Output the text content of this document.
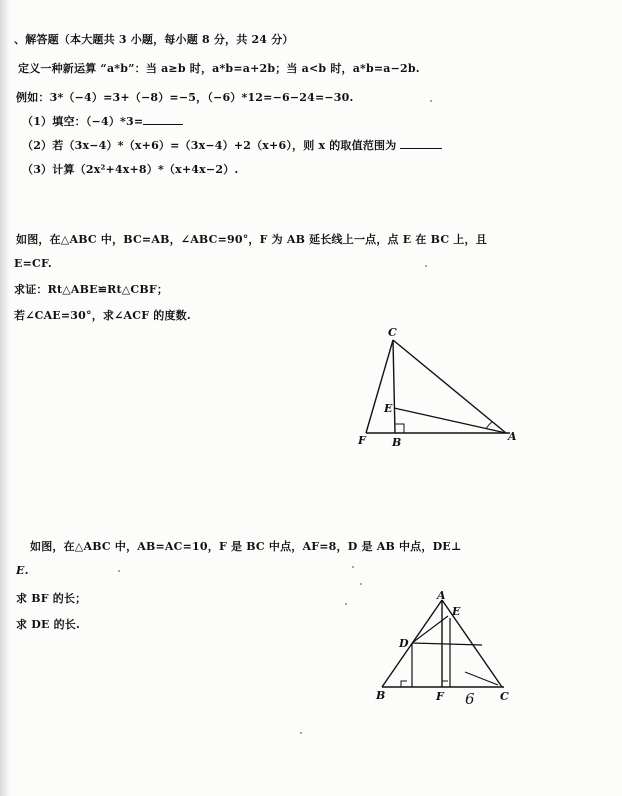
、解答题（本大题共 3 小题，每小题 8 分，共 24 分）
定义一种新运算 “a*b”：当 a≥b 时，a*b=a+2b；当 a<b 时，a*b=a−2b.
例如：3*（−4）=3+（−8）=−5，（−6）*12=−6−24=−30.
（1）填空：（−4）*3=
（2）若（3x−4）*（x+6）=（3x−4）+2（x+6），则 x 的取值范围为
（3）计算（2x²+4x+8）*（x+4x−2）.
如图，在△ABC 中，BC=AB，∠ABC=90°，F 为 AB 延长线上一点，点 E 在 BC 上，且
E=CF.
求证：Rt△ABE≌Rt△CBF；
若∠CAE=30°，求∠ACF 的度数.
C
E
F B	A
如图，在△ABC 中，AB=AC=10，F 是 BC 中点，AF=8，D 是 AB 中点，DE⊥
E.
求 BF 的长；
求 DE 的长.
A
E
D
B	F 6 C
